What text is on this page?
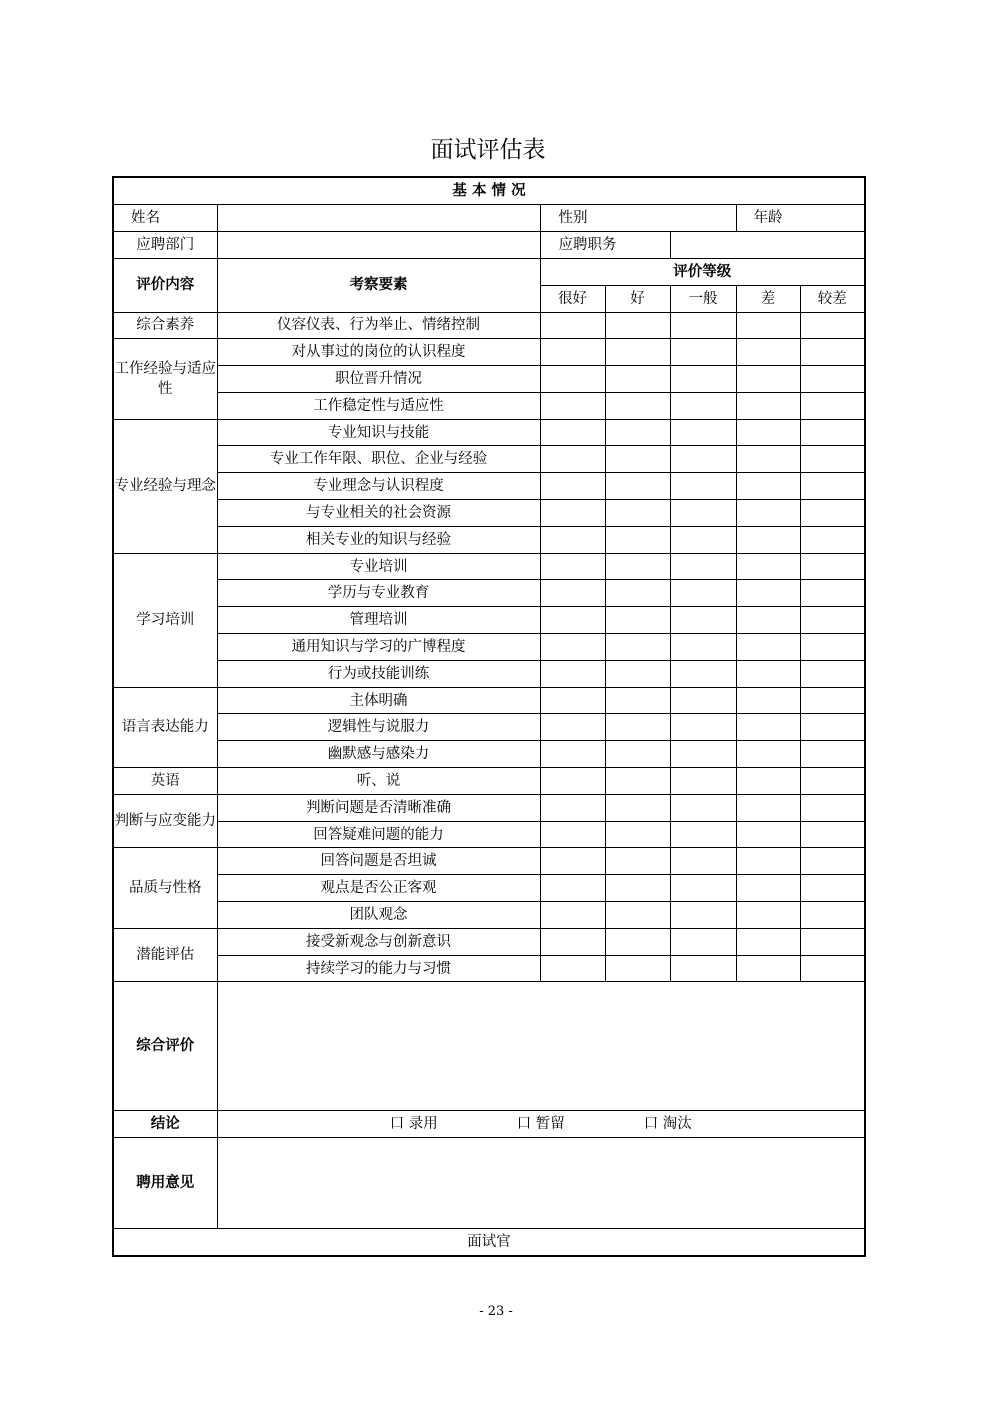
面试评估表
基 本 情 况						
姓名		性别			年龄	
应聘部门		应聘职务				
评价内容	考察要素	评价等级				
		很好	好	一般	差	较差
综合素养	仪容仪表、行为举止、情绪控制					
工作经验与适应性	对从事过的岗位的认识程度					
	职位晋升情况					
	工作稳定性与适应性					
专业经验与理念	专业知识与技能					
	专业工作年限、职位、企业与经验					
	专业理念与认识程度					
	与专业相关的社会资源					
	相关专业的知识与经验					
学习培训	专业培训					
	学历与专业教育					
	管理培训					
	通用知识与学习的广博程度					
	行为或技能训练					
语言表达能力	主体明确					
	逻辑性与说服力					
	幽默感与感染力					
英语	听、说					
判断与应变能力	判断问题是否清晰准确					
	回答疑难问题的能力					
品质与性格	回答问题是否坦诚					
	观点是否公正客观					
	团队观念					
潜能评估	接受新观念与创新意识					
	持续学习的能力与习惯					
综合评价						
结论	口 录用 口 暂留 口 淘汰					
聘用意见						
面试官						
- 23 -
